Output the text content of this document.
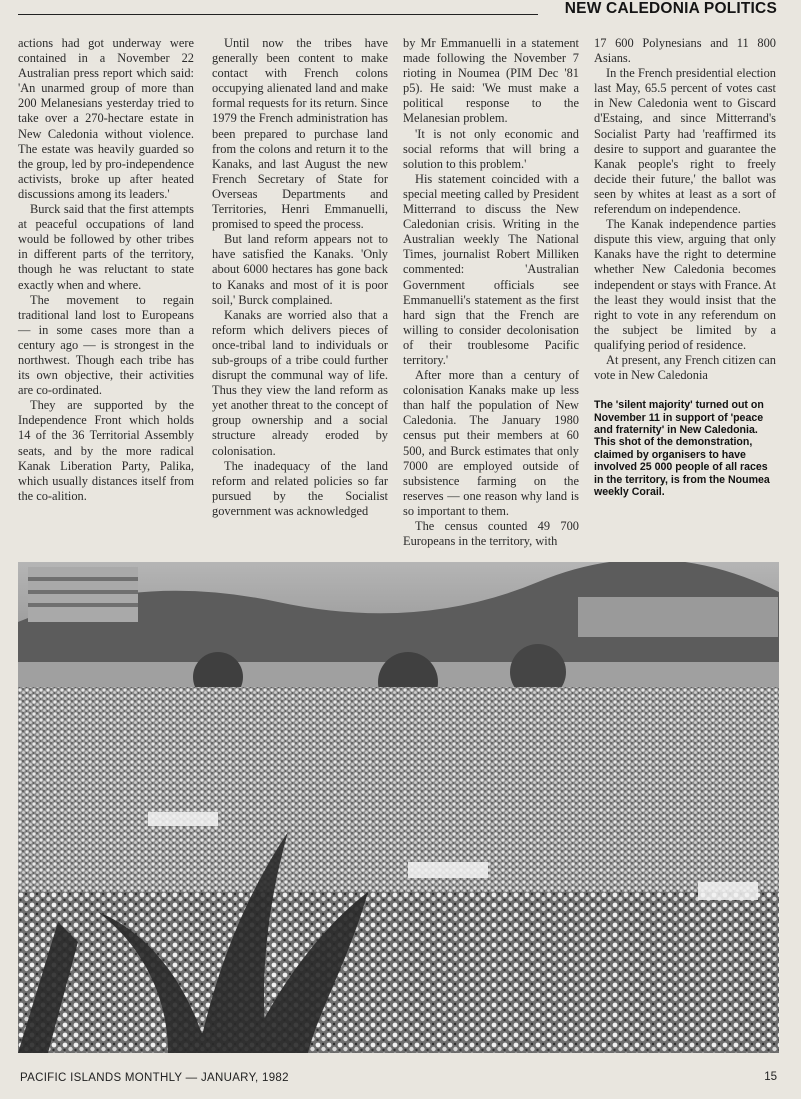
NEW CALEDONIA POLITICS

actions had got underway were contained in a November 22 Australian press report which said: 'An unarmed group of more than 200 Melanesians yesterday tried to take over a 270-hectare estate in New Caledonia without violence. The estate was heavily guarded so the group, led by pro-independence activists, broke up after heated discussions among its leaders.'

Burck said that the first attempts at peaceful occupations of land would be followed by other tribes in different parts of the territory, though he was reluctant to state exactly when and where.

The movement to regain traditional land lost to Europeans — in some cases more than a century ago — is strongest in the northwest. Though each tribe has its own objective, their activities are co-ordinated.

They are supported by the Independence Front which holds 14 of the 36 Territorial Assembly seats, and by the more radical Kanak Liberation Party, Palika, which usually distances itself from the co-alition.

Until now the tribes have generally been content to make contact with French colons occupying alienated land and make formal requests for its return. Since 1979 the French administration has been prepared to purchase land from the colons and return it to the Kanaks, and last August the new French Secretary of State for Overseas Departments and Territories, Henri Emmanuelli, promised to speed the process.

But land reform appears not to have satisfied the Kanaks. 'Only about 6000 hectares has gone back to Kanaks and most of it is poor soil,' Burck complained.

Kanaks are worried also that a reform which delivers pieces of once-tribal land to individuals or sub-groups of a tribe could further disrupt the communal way of life. Thus they view the land reform as yet another threat to the concept of group ownership and a social structure already eroded by colonisation.

The inadequacy of the land reform and related policies so far pursued by the Socialist government was acknowledged

by Mr Emmanuelli in a statement made following the November 7 rioting in Noumea (PIM Dec '81 p5). He said: 'We must make a political response to the Melanesian problem.

'It is not only economic and social reforms that will bring a solution to this problem.'

His statement coincided with a special meeting called by President Mitterrand to discuss the New Caledonian crisis. Writing in the Australian weekly The National Times, journalist Robert Milliken commented: 'Australian Government officials see Emmanuelli's statement as the first hard sign that the French are willing to consider decolonisation of their troublesome Pacific territory.'

After more than a century of colonisation Kanaks make up less than half the population of New Caledonia. The January 1980 census put their members at 60 500, and Burck estimates that only 7000 are employed outside of subsistence farming on the reserves — one reason why land is so important to them.

The census counted 49 700 Europeans in the territory, with

17 600 Polynesians and 11 800 Asians.

In the French presidential election last May, 65.5 percent of votes cast in New Caledonia went to Giscard d'Estaing, and since Mitterrand's Socialist Party had 'reaffirmed its desire to support and guarantee the Kanak people's right to freely decide their future,' the ballot was seen by whites at least as a sort of referendum on independence.

The Kanak independence parties dispute this view, arguing that only Kanaks have the right to determine whether New Caledonia becomes independent or stays with France. At the least they would insist that the right to vote in any referendum on the subject be limited by a qualifying period of residence.

At present, any French citizen can vote in New Caledonia

The 'silent majority' turned out on November 11 in support of 'peace and fraternity' in New Caledonia. This shot of the demonstration, claimed by organisers to have involved 25 000 people of all races in the territory, is from the Noumea weekly Corail.
PACIFIC ISLANDS MONTHLY — JANUARY, 1982	15
